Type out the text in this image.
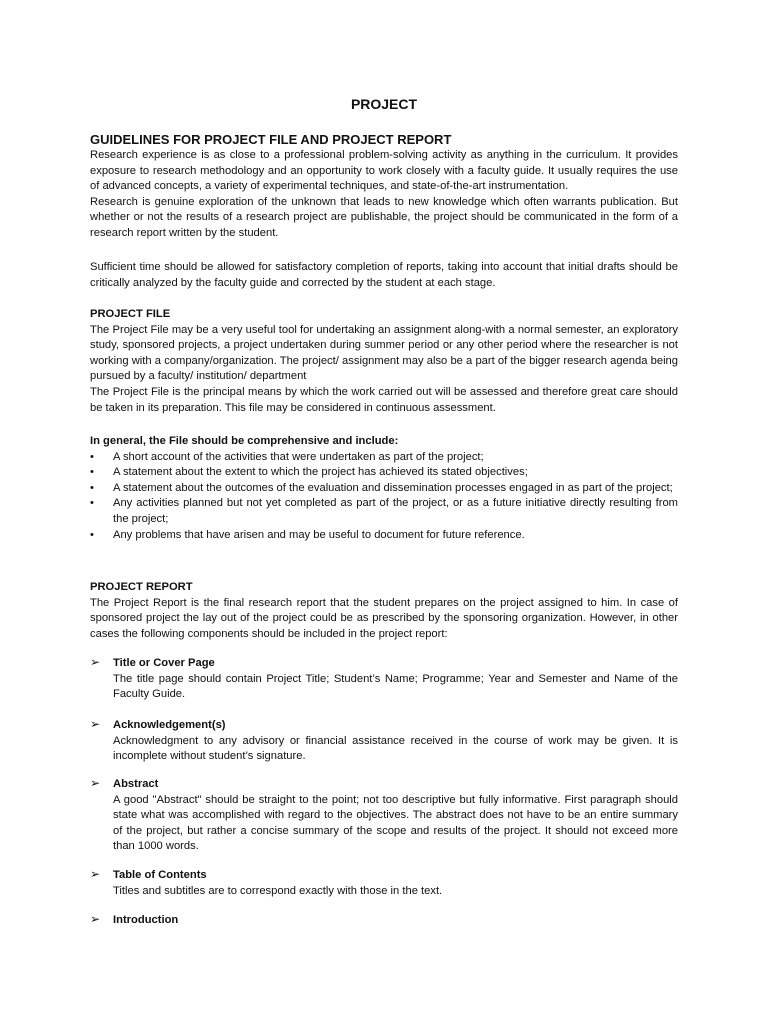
PROJECT
GUIDELINES FOR PROJECT FILE AND PROJECT REPORT

Research experience is as close to a professional problem-solving activity as anything in the curriculum. It provides exposure to research methodology and an opportunity to work closely with a faculty guide. It usually requires the use of advanced concepts, a variety of experimental techniques, and state-of-the-art instrumentation.

Research is genuine exploration of the unknown that leads to new knowledge which often warrants publication. But whether or not the results of a research project are publishable, the project should be communicated in the form of a research report written by the student.

Sufficient time should be allowed for satisfactory completion of reports, taking into account that initial drafts should be critically analyzed by the faculty guide and corrected by the student at each stage.

PROJECT FILE

The Project File may be a very useful tool for undertaking an assignment along-with a normal semester, an exploratory study, sponsored projects, a project undertaken during summer period or any other period where the researcher is not working with a company/organization. The project/ assignment may also be a part of the bigger research agenda being pursued by a faculty/ institution/ department

The Project File is the principal means by which the work carried out will be assessed and therefore great care should be taken in its preparation. This file may be considered in continuous assessment.

In general, the File should be comprehensive and include:
• A short account of the activities that were undertaken as part of the project;
• A statement about the extent to which the project has achieved its stated objectives;
• A statement about the outcomes of the evaluation and dissemination processes engaged in as part of the project;
• Any activities planned but not yet completed as part of the project, or as a future initiative directly resulting from the project;
• Any problems that have arisen and may be useful to document for future reference.
PROJECT REPORT

The Project Report is the final research report that the student prepares on the project assigned to him. In case of sponsored project the lay out of the project could be as prescribed by the sponsoring organization. However, in other cases the following components should be included in the project report:

➢	Title or Cover Page
The title page should contain Project Title; Student’s Name; Programme; Year and Semester and Name of the Faculty Guide.
➢	Acknowledgement(s)
Acknowledgment to any advisory or financial assistance received in the course of work may be given. It is incomplete without student’s signature.
➢	Abstract
A good "Abstract" should be straight to the point; not too descriptive but fully informative. First paragraph should state what was accomplished with regard to the objectives. The abstract does not have to be an entire summary of the project, but rather a concise summary of the scope and results of the project. It should not exceed more than 1000 words.
➢	Table of Contents
Titles and subtitles are to correspond exactly with those in the text.
➢	Introduction
